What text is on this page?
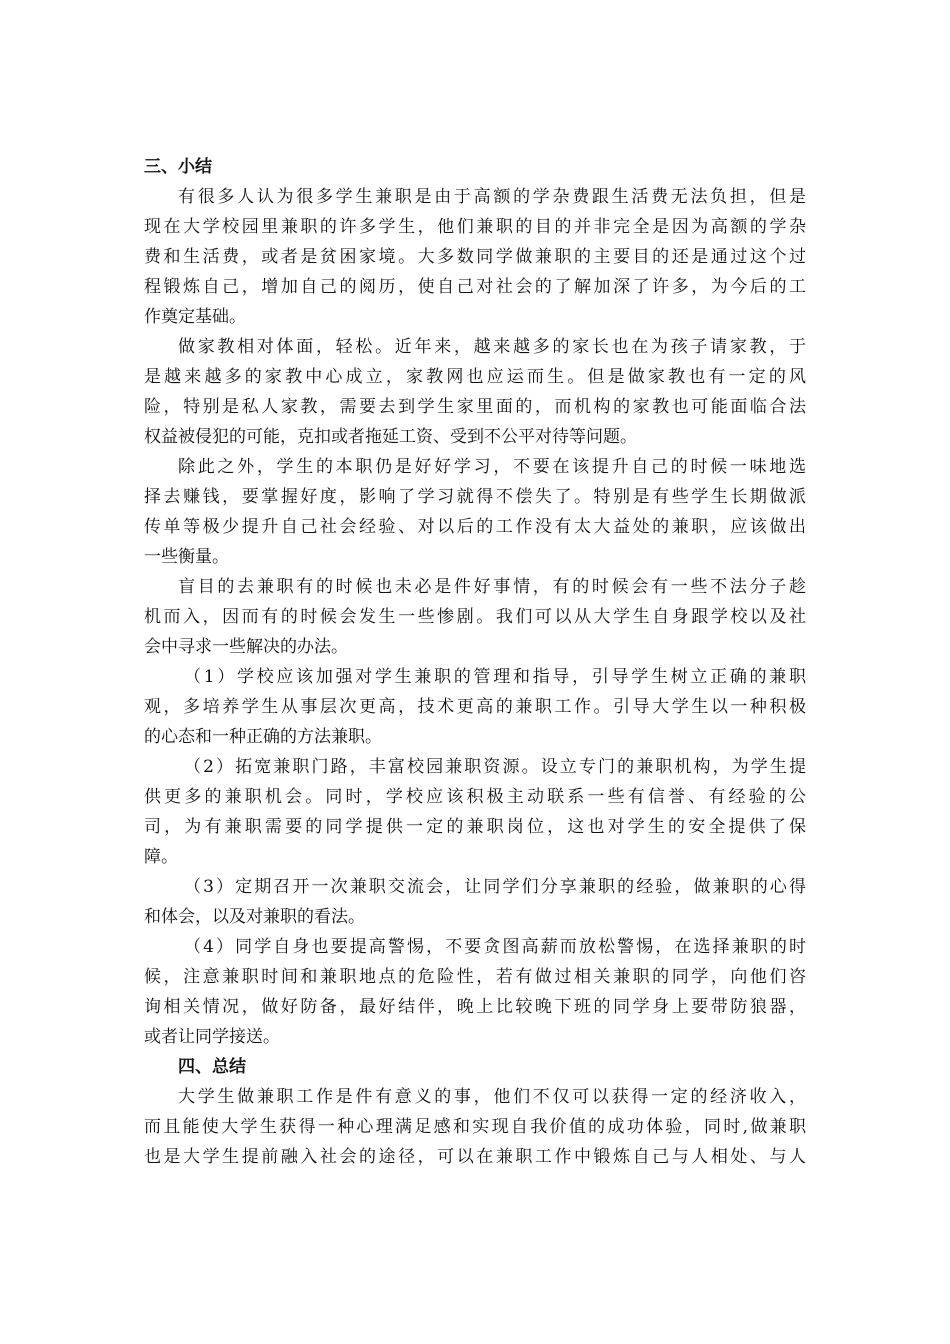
三、小结
有很多人认为很多学生兼职是由于高额的学杂费跟生活费无法负担，但是
现在大学校园里兼职的许多学生，他们兼职的目的并非完全是因为高额的学杂
费和生活费，或者是贫困家境。大多数同学做兼职的主要目的还是通过这个过
程锻炼自己，增加自己的阅历，使自己对社会的了解加深了许多，为今后的工
作奠定基础。
做家教相对体面，轻松。近年来，越来越多的家长也在为孩子请家教，于
是越来越多的家教中心成立，家教网也应运而生。但是做家教也有一定的风
险，特别是私人家教，需要去到学生家里面的，而机构的家教也可能面临合法
权益被侵犯的可能，克扣或者拖延工资、受到不公平对待等问题。
除此之外，学生的本职仍是好好学习，不要在该提升自己的时候一味地选
择去赚钱，要掌握好度，影响了学习就得不偿失了。特别是有些学生长期做派
传单等极少提升自己社会经验、对以后的工作没有太大益处的兼职，应该做出
一些衡量。
盲目的去兼职有的时候也未必是件好事情，有的时候会有一些不法分子趁
机而入，因而有的时候会发生一些惨剧。我们可以从大学生自身跟学校以及社
会中寻求一些解决的办法。
（1）学校应该加强对学生兼职的管理和指导，引导学生树立正确的兼职
观，多培养学生从事层次更高，技术更高的兼职工作。引导大学生以一种积极
的心态和一种正确的方法兼职。
（2）拓宽兼职门路，丰富校园兼职资源。设立专门的兼职机构，为学生提
供更多的兼职机会。同时，学校应该积极主动联系一些有信誉、有经验的公
司，为有兼职需要的同学提供一定的兼职岗位，这也对学生的安全提供了保
障。
（3）定期召开一次兼职交流会，让同学们分享兼职的经验，做兼职的心得
和体会，以及对兼职的看法。
（4）同学自身也要提高警惕，不要贪图高薪而放松警惕，在选择兼职的时
候，注意兼职时间和兼职地点的危险性，若有做过相关兼职的同学，向他们咨
询相关情况，做好防备，最好结伴，晚上比较晚下班的同学身上要带防狼器，
或者让同学接送。
四、总结
大学生做兼职工作是件有意义的事，他们不仅可以获得一定的经济收入，
而且能使大学生获得一种心理满足感和实现自我价值的成功体验，同时,做兼职
也是大学生提前融入社会的途径，可以在兼职工作中锻炼自己与人相处、与人
